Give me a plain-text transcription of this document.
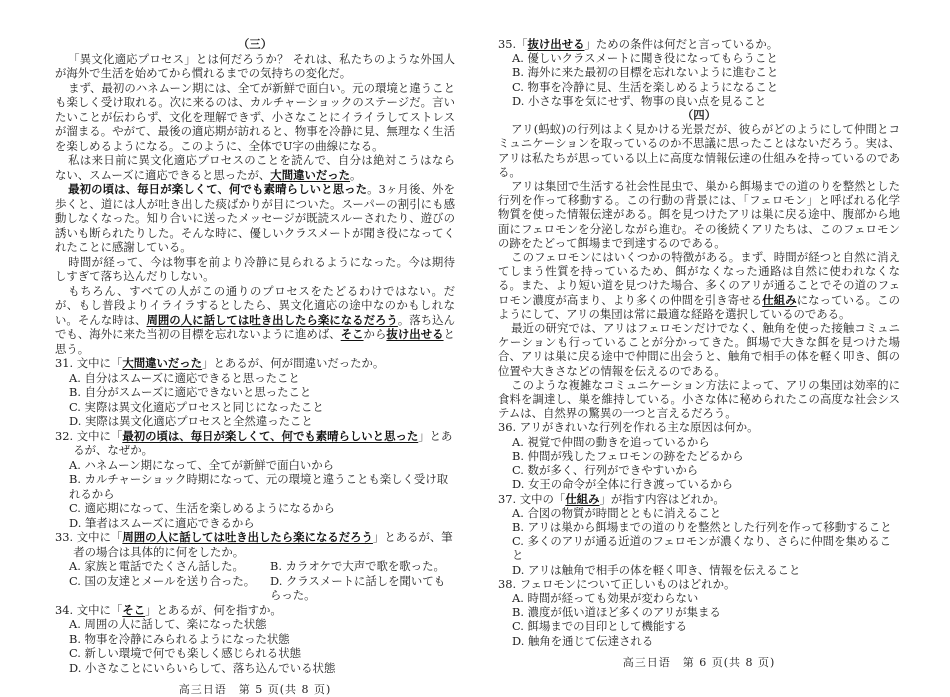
（三）

「異文化適応プロセス」とは何だろうか？ それは、私たちのような外国人が海外で生活を始めてから慣れるまでの気持ちの変化だ。

まず、最初のハネムーン期には、全てが新鮮で面白い。元の環境と違うことも楽しく受け取れる。次に来るのは、カルチャーショックのステージだ。言いたいことが伝わらず、文化を理解できず、小さなことにイライラしてストレスが溜まる。やがて、最後の適応期が訪れると、物事を冷静に見、無理なく生活を楽しめるようになる。このように、全体でU字の曲線になる。

私は来日前に異文化適応プロセスのことを読んで、自分は絶対こうはならない、スムーズに適応できると思ったが、大間違いだった。

最初の頃は、毎日が楽しくて、何でも素晴らしいと思った。3ヶ月後、外を歩くと、道には人が吐き出した痰ばかりが目についた。スーパーの割引にも感動しなくなった。知り合いに送ったメッセージが既読スルーされたり、遊びの誘いも断られたりした。そんな時に、優しいクラスメートが聞き役になってくれたことに感謝している。

時間が経って、今は物事を前より冷静に見られるようになった。今は期待しすぎて落ち込んだりしない。

もちろん、すべての人がこの通りのプロセスをたどるわけではない。だが、もし普段よりイライラするとしたら、異文化適応の途中なのかもしれない。そんな時は、周囲の人に話しては吐き出したら楽になるだろう。落ち込んでも、海外に来た当初の目標を忘れないように進めば、そこから抜け出せると思う。

31. 文中に「大間違いだった」とあるが、何が間違いだったか。

A. 自分はスムーズに適応できると思ったこと

B. 自分がスムーズに適応できないと思ったこと

C. 実際は異文化適応プロセスと同じになったこと

D. 実際は異文化適応プロセスと全然違ったこと

32. 文中に「最初の頃は、毎日が楽しくて、何でも素晴らしいと思った」とあるが、なぜか。

A. ハネムーン期になって、全てが新鮮で面白いから

B. カルチャーショック時期になって、元の環境と違うことも楽しく受け取れるから

C. 適応期になって、生活を楽しめるようになるから

D. 筆者はスムーズに適応できるから

33. 文中に「周囲の人に話しては吐き出したら楽になるだろう」とあるが、筆者の場合は具体的に何をしたか。

A. 家族と電話でたくさん話した。	B. カラオケで大声で歌を歌った。
C. 国の友達とメールを送り合った。	D. クラスメートに話しを聞いてもらった。

34. 文中に「そこ」とあるが、何を指すか。

A. 周囲の人に話して、楽になった状態

B. 物事を冷静にみられるようになった状態

C. 新しい環境で何でも楽しく感じられる状態

D. 小さなことにいらいらして、落ち込んでいる状態

高三日语　第 5 页(共 8 页)

35.「抜け出せる」ための条件は何だと言っているか。

A. 優しいクラスメートに聞き役になってもらうこと

B. 海外に来た最初の目標を忘れないように進むこと

C. 物事を冷静に見、生活を楽しめるようになること

D. 小さな事を気にせず、物事の良い点を見ること

（四）

アリ(蚂蚁)の行列はよく見かける光景だが、彼らがどのようにして仲間とコミュニケーションを取っているのか不思議に思ったことはないだろう。実は、アリは私たちが思っている以上に高度な情報伝達の仕組みを持っているのである。

アリは集団で生活する社会性昆虫で、巣から餌場までの道のりを整然とした行列を作って移動する。この行動の背景には、「フェロモン」と呼ばれる化学物質を使った情報伝達がある。餌を見つけたアリは巣に戻る途中、腹部から地面にフェロモンを分泌しながら進む。その後続くアリたちは、このフェロモンの跡をたどって餌場まで到達するのである。

このフェロモンにはいくつかの特徴がある。まず、時間が経つと自然に消えてしまう性質を持っているため、餌がなくなった通路は自然に使われなくなる。また、より短い道を見つけた場合、多くのアリが通ることでその道のフェロモン濃度が高まり、より多くの仲間を引き寄せる仕組みになっている。このようにして、アリの集団は常に最適な経路を選択しているのである。

最近の研究では、アリはフェロモンだけでなく、触角を使った接触コミュニケーションも行っていることが分かってきた。餌場で大きな餌を見つけた場合、アリは巣に戻る途中で仲間に出会うと、触角で相手の体を軽く叩き、餌の位置や大きさなどの情報を伝えるのである。

このような複雑なコミュニケーション方法によって、アリの集団は効率的に食料を調達し、巣を維持している。小さな体に秘められたこの高度な社会システムは、自然界の驚異の一つと言えるだろう。

36. アリがきれいな行列を作れる主な原因は何か。

A. 視覚で仲間の動きを追っているから

B. 仲間が残したフェロモンの跡をたどるから

C. 数が多く、行列ができやすいから

D. 女王の命令が全体に行き渡っているから

37. 文中の「仕組み」が指す内容はどれか。

A. 合図の物質が時間とともに消えること

B. アリは巣から餌場までの道のりを整然とした行列を作って移動すること

C. 多くのアリが通る近道のフェロモンが濃くなり、さらに仲間を集めること

D. アリは触角で相手の体を軽く叩き、情報を伝えること

38. フェロモンについて正しいものはどれか。

A. 時間が経っても効果が変わらない

B. 濃度が低い道ほど多くのアリが集まる

C. 餌場までの目印として機能する

D. 触角を通じて伝達される

高三日语　第 6 页(共 8 页)
